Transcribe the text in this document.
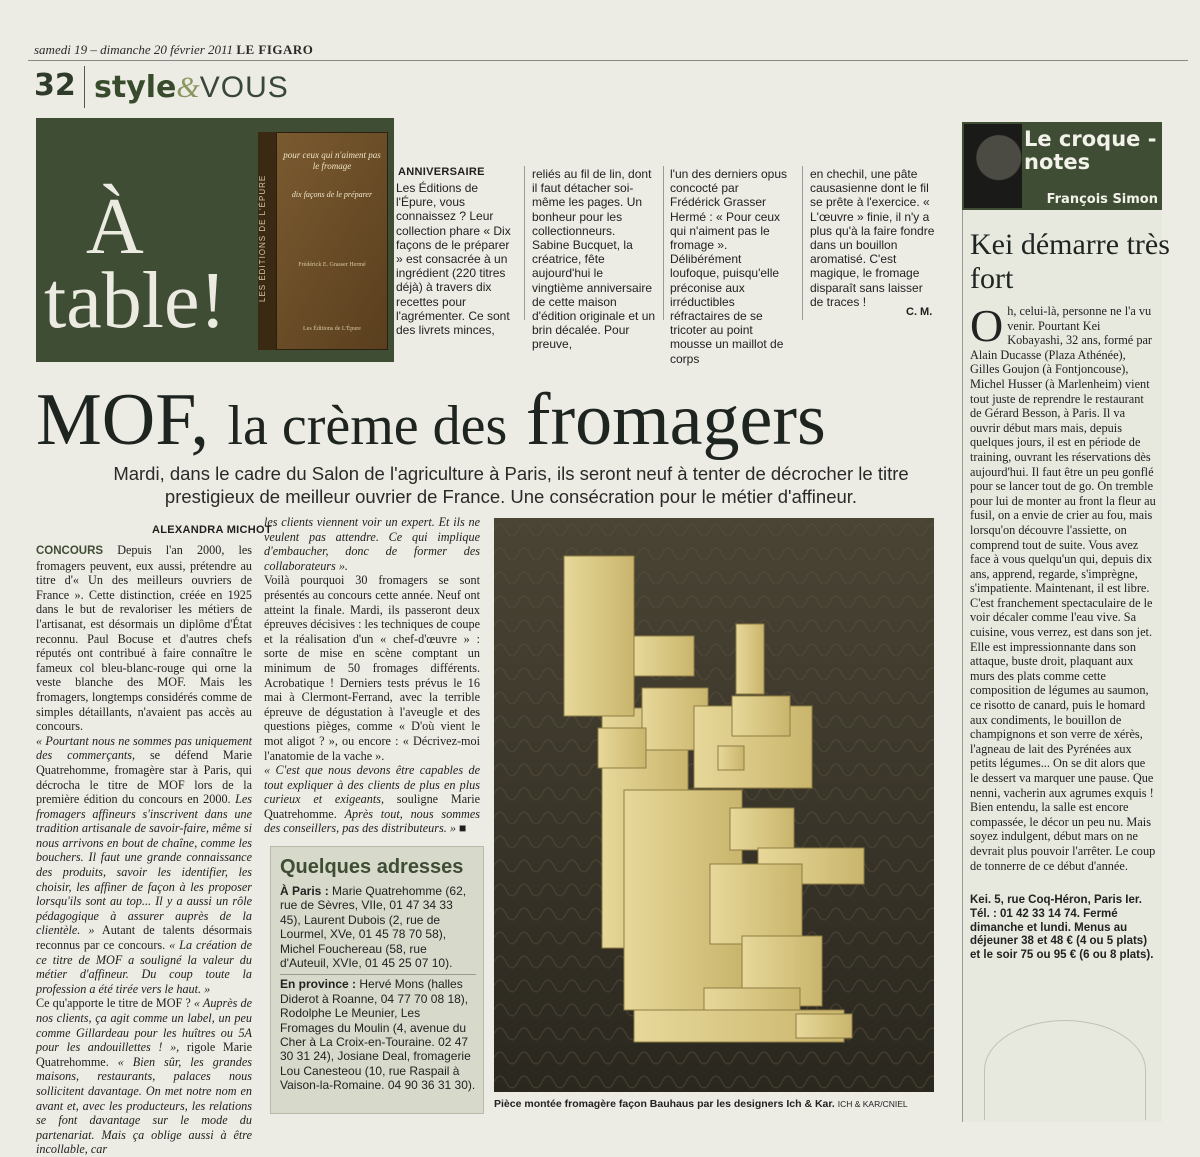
samedi 19 – dimanche 20 février 2011 LE FIGARO
32 style&VOUS
À
table!	LES ÉDITIONS DE L'ÉPURE
pour ceux qui n'aiment pas le fromage
dix façons de le préparer
Frédérick E. Grasser Hermé
Les Éditions de L'Épure
ANNIVERSAIRE
Les Éditions de l'Épure, vous connaissez ? Leur collection phare « Dix façons de le préparer » est consacrée à un ingrédient (220 titres déjà) à travers dix recettes pour l'agrémenter. Ce sont des livrets minces,
reliés au fil de lin, dont il faut détacher soi-même les pages. Un bonheur pour les collectionneurs. Sabine Bucquet, la créatrice, fête aujourd'hui le vingtième anniversaire de cette maison d'édition originale et un brin décalée. Pour preuve,
l'un des derniers opus concocté par Frédérick Grasser Hermé : « Pour ceux qui n'aiment pas le fromage ». Délibérément loufoque, puisqu'elle préconise aux irréductibles réfractaires de se tricoter au point mousse un maillot de corps
en chechil, une pâte causasienne dont le fil se prête à l'exercice. « L'œuvre » finie, il n'y a plus qu'à la faire fondre dans un bouillon aromatisé. C'est magique, le fromage disparaît sans laisser de traces !
C. M.
MOF, la crème des fromagers
Mardi, dans le cadre du Salon de l'agriculture à Paris, ils seront neuf à tenter de décrocher le titre prestigieux de meilleur ouvrier de France. Une consécration pour le métier d'affineur.
ALEXANDRA MICHOT
CONCOURS Depuis l'an 2000, les fromagers peuvent, eux aussi, prétendre au titre d'« Un des meilleurs ouvriers de France ». Cette distinction, créée en 1925 dans le but de revaloriser les métiers de l'artisanat, est désormais un diplôme d'État reconnu. Paul Bocuse et d'autres chefs réputés ont contribué à faire connaître le fameux col bleu-blanc-rouge qui orne la veste blanche des MOF. Mais les fromagers, longtemps considérés comme de simples détaillants, n'avaient pas accès au concours.
« Pourtant nous ne sommes pas uniquement des commerçants, se défend Marie Quatrehomme, fromagère star à Paris, qui décrocha le titre de MOF lors de la première édition du concours en 2000. Les fromagers affineurs s'inscrivent dans une tradition artisanale de savoir-faire, même si nous arrivons en bout de chaîne, comme les bouchers. Il faut une grande connaissance des produits, savoir les identifier, les choisir, les affiner de façon à les proposer lorsqu'ils sont au top... Il y a aussi un rôle pédagogique à assurer auprès de la clientèle. » Autant de talents désormais reconnus par ce concours. « La création de ce titre de MOF a souligné la valeur du métier d'affineur. Du coup toute la profession a été tirée vers le haut. »
Ce qu'apporte le titre de MOF ? « Auprès de nos clients, ça agit comme un label, un peu comme Gillardeau pour les huîtres ou 5A pour les andouillettes ! », rigole Marie Quatrehomme. « Bien sûr, les grandes maisons, restaurants, palaces nous sollicitent davantage. On met notre nom en avant et, avec les producteurs, les relations se font davantage sur le mode du partenariat. Mais ça oblige aussi à être incollable, car
les clients viennent voir un expert. Et ils ne veulent pas attendre. Ce qui implique d'embaucher, donc de former des collaborateurs ».
Voilà pourquoi 30 fromagers se sont présentés au concours cette année. Neuf ont atteint la finale. Mardi, ils passeront deux épreuves décisives : les techniques de coupe et la réalisation d'un « chef-d'œuvre » : sorte de mise en scène comptant un minimum de 50 fromages différents. Acrobatique ! Derniers tests prévus le 16 mai à Clermont-Ferrand, avec la terrible épreuve de dégustation à l'aveugle et des questions pièges, comme « D'où vient le mot aligot ? », ou encore : « Décrivez-moi l'anatomie de la vache ».
« C'est que nous devons être capables de tout expliquer à des clients de plus en plus curieux et exigeants, souligne Marie Quatrehomme. Après tout, nous sommes des conseillers, pas des distributeurs. » ■
Quelques adresses
À Paris : Marie Quatrehomme (62, rue de Sèvres, VIIe, 01 47 34 33 45), Laurent Dubois (2, rue de Lourmel, XVe, 01 45 78 70 58), Michel Fouchereau (58, rue d'Auteuil, XVIe, 01 45 25 07 10).
En province : Hervé Mons (halles Diderot à Roanne, 04 77 70 08 18), Rodolphe Le Meunier, Les Fromages du Moulin (4, avenue du Cher à La Croix-en-Touraine. 02 47 30 31 24), Josiane Deal, fromagerie Lou Canesteou (10, rue Raspail à Vaison-la-Romaine. 04 90 36 31 30).
Pièce montée fromagère façon Bauhaus par les designers Ich & Kar. ICH & KAR/CNIEL
Le croque -notes
François Simon
Kei démarre très fort
O h, celui-là, personne ne l'a vu venir. Pourtant Kei Kobayashi, 32 ans, formé par Alain Ducasse (Plaza Athénée), Gilles Goujon (à Fontjoncouse), Michel Husser (à Marlenheim) vient tout juste de reprendre le restaurant de Gérard Besson, à Paris. Il va ouvrir début mars mais, depuis quelques jours, il est en période de training, ouvrant les réservations dès aujourd'hui. Il faut être un peu gonflé pour se lancer tout de go. On tremble pour lui de monter au front la fleur au fusil, on a envie de crier au fou, mais lorsqu'on découvre l'assiette, on comprend tout de suite. Vous avez face à vous quelqu'un qui, depuis dix ans, apprend, regarde, s'imprègne, s'impatiente. Maintenant, il est libre. C'est franchement spectaculaire de le voir décaler comme l'eau vive. Sa cuisine, vous verrez, est dans son jet. Elle est impressionnante dans son attaque, buste droit, plaquant aux murs des plats comme cette composition de légumes au saumon, ce risotto de canard, puis le homard aux condiments, le bouillon de champignons et son verre de xérès, l'agneau de lait des Pyrénées aux petits légumes... On se dit alors que le dessert va marquer une pause. Que nenni, vacherin aux agrumes exquis ! Bien entendu, la salle est encore compassée, le décor un peu nu. Mais soyez indulgent, début mars on ne devrait plus pouvoir l'arrêter. Le coup de tonnerre de ce début d'année.
Kei. 5, rue Coq-Héron, Paris Ier. Tél. : 01 42 33 14 74. Fermé dimanche et lundi. Menus au déjeuner 38 et 48 € (4 ou 5 plats) et le soir 75 ou 95 € (6 ou 8 plats).
